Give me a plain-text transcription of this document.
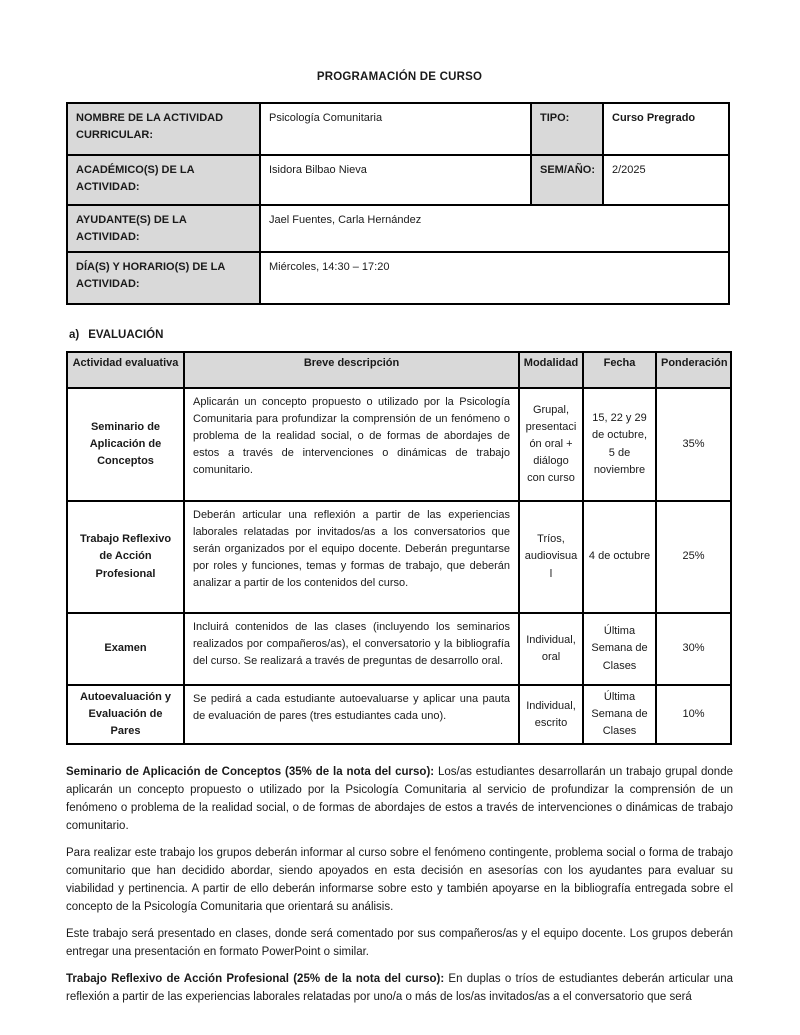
PROGRAMACIÓN DE CURSO
NOMBRE DE LA ACTIVIDAD CURRICULAR:	Psicología Comunitaria	TIPO:	Curso Pregrado
ACADÉMICO(S) DE LA ACTIVIDAD:	Isidora Bilbao Nieva	SEM/AÑO:	2/2025
AYUDANTE(S) DE LA ACTIVIDAD:	Jael Fuentes, Carla Hernández		
DÍA(S) Y HORARIO(S) DE LA ACTIVIDAD:	Miércoles, 14:30 – 17:20		
a) EVALUACIÓN
Actividad evaluativa	Breve descripción	Modalidad	Fecha	Ponderación
Seminario de Aplicación de Conceptos	Aplicarán un concepto propuesto o utilizado por la Psicología Comunitaria para profundizar la comprensión de un fenómeno o problema de la realidad social, o de formas de abordajes de estos a través de intervenciones o dinámicas de trabajo comunitario.	Grupal, presentación oral + diálogo con curso	15, 22 y 29 de octubre, 5 de noviembre	35%
Trabajo Reflexivo de Acción Profesional	Deberán articular una reflexión a partir de las experiencias laborales relatadas por invitados/as a los conversatorios que serán organizados por el equipo docente. Deberán preguntarse por roles y funciones, temas y formas de trabajo, que deberán analizar a partir de los contenidos del curso.	Tríos, audiovisual	4 de octubre	25%
Examen	Incluirá contenidos de las clases (incluyendo los seminarios realizados por compañeros/as), el conversatorio y la bibliografía del curso. Se realizará a través de preguntas de desarrollo oral.	Individual, oral	Última Semana de Clases	30%
Autoevaluación y Evaluación de Pares	Se pedirá a cada estudiante autoevaluarse y aplicar una pauta de evaluación de pares (tres estudiantes cada uno).	Individual, escrito	Última Semana de Clases	10%

Seminario de Aplicación de Conceptos (35% de la nota del curso): Los/as estudiantes desarrollarán un trabajo grupal donde aplicarán un concepto propuesto o utilizado por la Psicología Comunitaria al servicio de profundizar la comprensión de un fenómeno o problema de la realidad social, o de formas de abordajes de estos a través de intervenciones o dinámicas de trabajo comunitario.

Para realizar este trabajo los grupos deberán informar al curso sobre el fenómeno contingente, problema social o forma de trabajo comunitario que han decidido abordar, siendo apoyados en esta decisión en asesorías con los ayudantes para evaluar su viabilidad y pertinencia. A partir de ello deberán informarse sobre esto y también apoyarse en la bibliografía entregada sobre el concepto de la Psicología Comunitaria que orientará su análisis.

Este trabajo será presentado en clases, donde será comentado por sus compañeros/as y el equipo docente. Los grupos deberán entregar una presentación en formato PowerPoint o similar.

Trabajo Reflexivo de Acción Profesional (25% de la nota del curso): En duplas o tríos de estudiantes deberán articular una reflexión a partir de las experiencias laborales relatadas por uno/a o más de los/as invitados/as a el conversatorio que será
